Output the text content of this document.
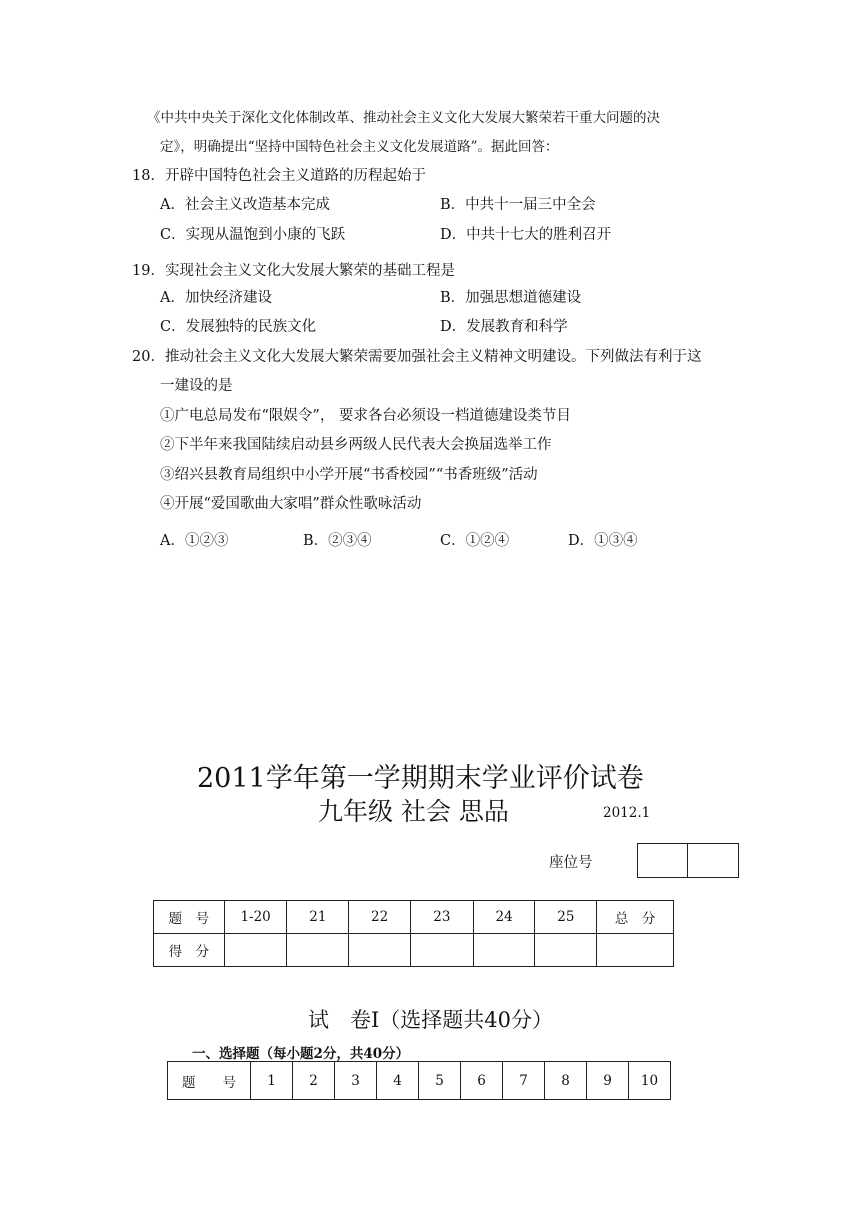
《中共中央关于深化文化体制改革、推动社会主义文化大发展大繁荣若干重大问题的决
定》，明确提出“坚持中国特色社会主义文化发展道路”。据此回答：
18．开辟中国特色社会主义道路的历程起始于
A．社会主义改造基本完成	B．中共十一届三中全会
C．实现从温饱到小康的飞跃	D．中共十七大的胜利召开
19．实现社会主义文化大发展大繁荣的基础工程是
A．加快经济建设	B．加强思想道德建设
C．发展独特的民族文化	D．发展教育和科学
20．推动社会主义文化大发展大繁荣需要加强社会主义精神文明建设。下列做法有利于这
一建设的是
①广电总局发布“限娱令”， 要求各台必须设一档道德建设类节目
②下半年来我国陆续启动县乡两级人民代表大会换届选举工作
③绍兴县教育局组织中小学开展“书香校园”“书香班级”活动
④开展“爱国歌曲大家唱”群众性歌咏活动
A．①②③	B．②③④	C．①②④	D．①③④
2011学年第一学期期末学业评价试卷
九年级 社会 思品	2012.1
座位号

题　号	1-20	21	22	23	24	25	总　分
得　分							
试　卷Ⅰ（选择题共40分）
一、选择题（每小题2分，共40分）
题　　号	1	2	3	4	5	6	7	8	9	10
